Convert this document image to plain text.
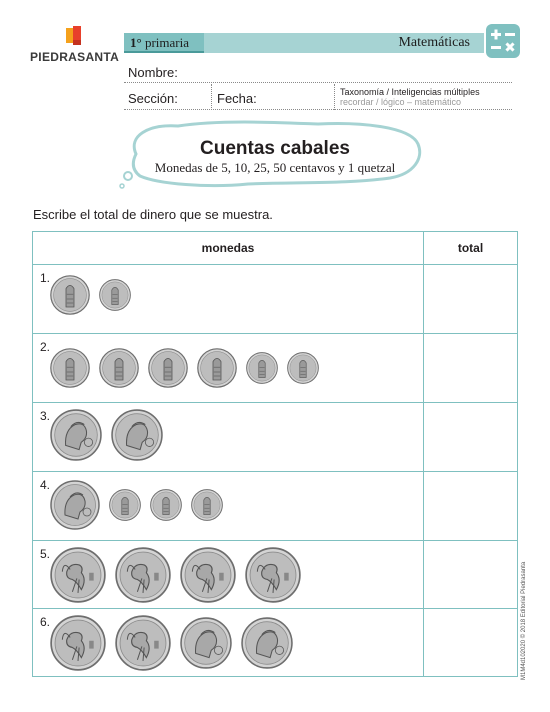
PIEDRASANTA
1° primaria	Matemáticas
Nombre:
Sección:	Fecha:	Taxonomía / Inteligencias múltiples
recordar / lógico – matemático
Cuentas cabales
Monedas de 5, 10, 25, 50 centavos y 1 quetzal
Escribe el total de dinero que se muestra.
monedas	total
1.
2.
3.
4.
5.
6.	M1M4d102020 © 2018 Editorial Piedrasanta
